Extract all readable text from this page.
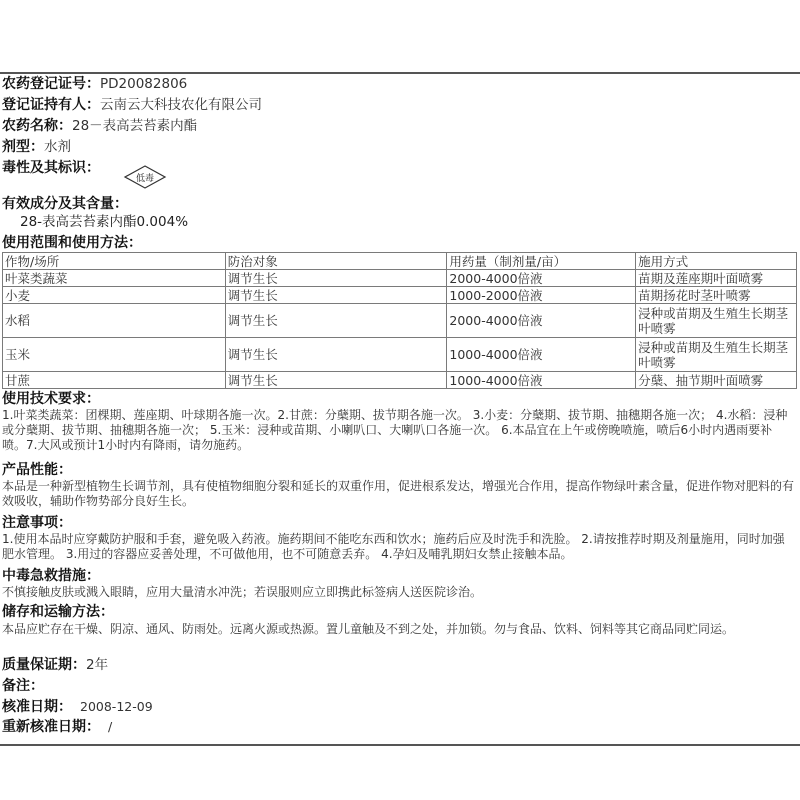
农药登记证号：PD20082806
登记证持有人：云南云大科技农化有限公司
农药名称：28－表高芸苔素内酯
剂型：水剂
毒性及其标识：
低毒
有效成分及其含量：
28-表高芸苔素内酯0.004%
使用范围和使用方法：
作物/场所	防治对象	用药量（制剂量/亩）	施用方式
叶菜类蔬菜	调节生长	2000-4000倍液	苗期及莲座期叶面喷雾
小麦	调节生长	1000-2000倍液	苗期扬花时茎叶喷雾
水稻	调节生长	2000-4000倍液	浸种或苗期及生殖生长期茎叶喷雾
玉米	调节生长	1000-4000倍液	浸种或苗期及生殖生长期茎叶喷雾
甘蔗	调节生长	1000-4000倍液	分蘖、抽节期叶面喷雾
使用技术要求：
1.叶菜类蔬菜：团棵期、莲座期、叶球期各施一次。2.甘蔗：分蘖期、拔节期各施一次。 3.小麦：分蘖期、拔节期、抽穗期各施一次； 4.水稻：浸种或分蘖期、拔节期、抽穗期各施一次； 5.玉米：浸种或苗期、小喇叭口、大喇叭口各施一次。 6.本品宜在上午或傍晚喷施，喷后6小时内遇雨要补喷。7.大风或预计1小时内有降雨，请勿施药。
产品性能：
本品是一种新型植物生长调节剂，具有使植物细胞分裂和延长的双重作用，促进根系发达，增强光合作用，提高作物绿叶素含量，促进作物对肥料的有效吸收，辅助作物势部分良好生长。
注意事项：
1.使用本品时应穿戴防护服和手套，避免吸入药液。施药期间不能吃东西和饮水；施药后应及时洗手和洗脸。 2.请按推荐时期及剂量施用，同时加强肥水管理。 3.用过的容器应妥善处理，不可做他用，也不可随意丢弃。 4.孕妇及哺乳期妇女禁止接触本品。
中毒急救措施：
不慎接触皮肤或溅入眼睛，应用大量清水冲洗；若误服则应立即携此标签病人送医院诊治。
储存和运输方法：
本品应贮存在干燥、阴凉、通风、防雨处。远离火源或热源。置儿童触及不到之处，并加锁。勿与食品、饮料、饲料等其它商品同贮同运。
质量保证期：2年
备注：
核准日期： 2008-12-09
重新核准日期： /
